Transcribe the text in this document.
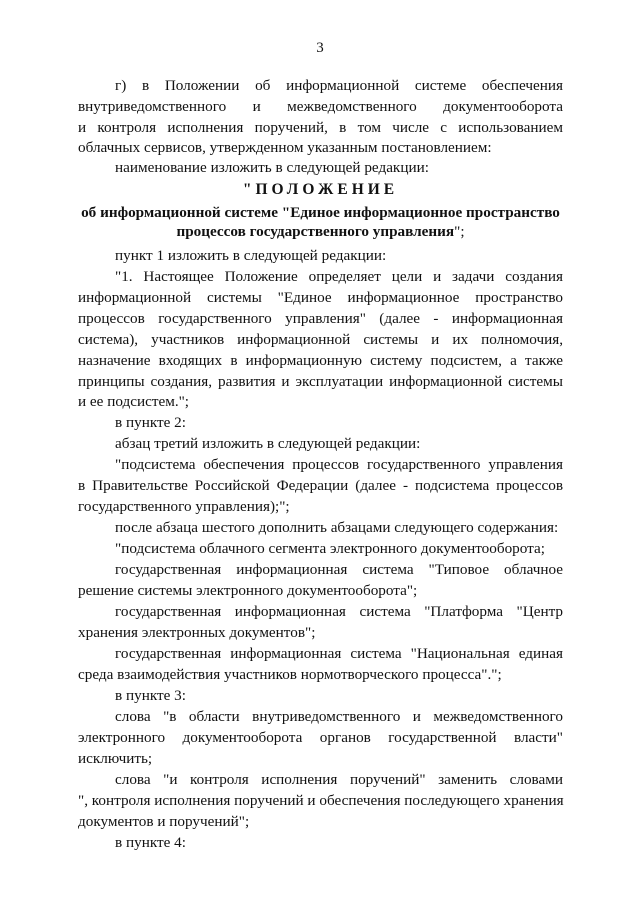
3
г) в Положении об информационной системе обеспечения
внутриведомственного и межведомственного документооборота
и контроля исполнения поручений, в том числе с использованием
облачных сервисов, утвержденном указанным постановлением:
наименование изложить в следующей редакции:
"ПОЛОЖЕНИЕ
об информационной системе "Единое информационное пространство
процессов государственного управления";
пункт 1 изложить в следующей редакции:
"1. Настоящее Положение определяет цели и задачи создания
информационной системы "Единое информационное пространство
процессов государственного управления" (далее - информационная
система), участников информационной системы и их полномочия,
назначение входящих в информационную систему подсистем, а также
принципы создания, развития и эксплуатации информационной системы
и ее подсистем.";
в пункте 2:
абзац третий изложить в следующей редакции:
"подсистема обеспечения процессов государственного управления
в Правительстве Российской Федерации (далее - подсистема процессов
государственного управления);";
после абзаца шестого дополнить абзацами следующего содержания:
"подсистема облачного сегмента электронного документооборота;
государственная информационная система "Типовое облачное
решение системы электронного документооборота";
государственная информационная система "Платформа "Центр
хранения электронных документов";
государственная информационная система "Национальная единая
среда взаимодействия участников нормотворческого процесса".";
в пункте 3:
слова "в области внутриведомственного и межведомственного
электронного документооборота органов государственной власти"
исключить;
слова "и контроля исполнения поручений" заменить словами
", контроля исполнения поручений и обеспечения последующего хранения
документов и поручений";
в пункте 4:
